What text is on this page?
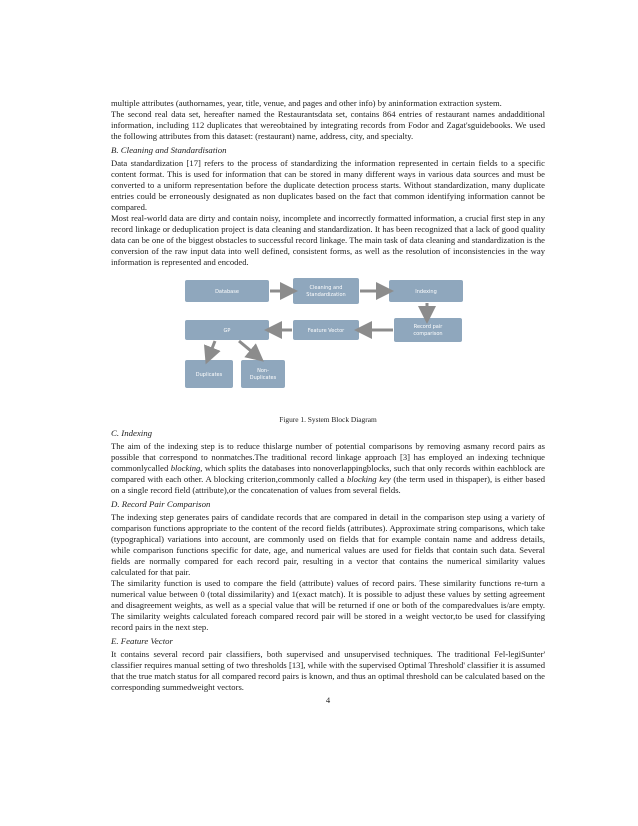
multiple attributes (authornames, year, title, venue, and pages and other info) by aninformation extraction system.

The second real data set, hereafter named the Restaurantsdata set, contains 864 entries of restaurant names andadditional information, including 112 duplicates that wereobtained by integrating records from Fodor and Zagat'sguidebooks. We used the following attributes from this dataset: (restaurant) name, address, city, and specialty.

B. Cleaning and Standardisation

Data standardization [17] refers to the process of standardizing the information represented in certain fields to a specific content format. This is used for information that can be stored in many different ways in various data sources and must be converted to a uniform representation before the duplicate detection process starts. Without standardization, many duplicate entries could be erroneously designated as non duplicates based on the fact that common identifying information cannot be compared.

Most real-world data are dirty and contain noisy, incomplete and incorrectly formatted information, a crucial first step in any record linkage or deduplication project is data cleaning and standardization. It has been recognized that a lack of good quality data can be one of the biggest obstacles to successful record linkage. The main task of data cleaning and standardization is the conversion of the raw input data into well defined, consistent forms, as well as the resolution of inconsistencies in the way information is represented and encoded.

Database
Cleaning and
Standardization	Indexing
GP	Feature Vector
Record pair
comparison
Duplicates
Non-
Duplicates
Figure 1. System Block Diagram
C. Indexing

The aim of the indexing step is to reduce thislarge number of potential comparisons by removing asmany record pairs as possible that correspond to nonmatches.The traditional record linkage approach [3] has employed an indexing technique commonlycalled blocking, which splits the databases into nonoverlappingblocks, such that only records within eachblock are compared with each other. A blocking criterion,commonly called a blocking key (the term used in thispaper), is either based on a single record field (attribute),or the concatenation of values from several fields.

D. Record Pair Comparison

The indexing step generates pairs of candidate records that are compared in detail in the comparison step using a variety of comparison functions appropriate to the content of the record fields (attributes). Approximate string comparisons, which take (typographical) variations into account, are commonly used on fields that for example contain name and address details, while comparison functions specific for date, age, and numerical values are used for fields that contain such data. Several fields are normally compared for each record pair, resulting in a vector that contains the numerical similarity values calculated for that pair.

The similarity function is used to compare the field (attribute) values of record pairs. These similarity functions re-turn a numerical value between 0 (total dissimilarity) and 1(exact match). It is possible to adjust these values by setting agreement and disagreement weights, as well as a special value that will be returned if one or both of the comparedvalues is/are empty. The similarity weights calculated foreach compared record pair will be stored in a weight vector,to be used for classifying record pairs in the next step.

E. Feature Vector

It contains several record pair classifiers, both supervised and unsupervised techniques. The traditional Fel-legiSunter' classifier requires manual setting of two thresholds [13], while with the supervised Optimal Threshold' classifier it is assumed that the true match status for all compared record pairs is known, and thus an optimal threshold can be calculated based on the corresponding summedweight vectors.

4
